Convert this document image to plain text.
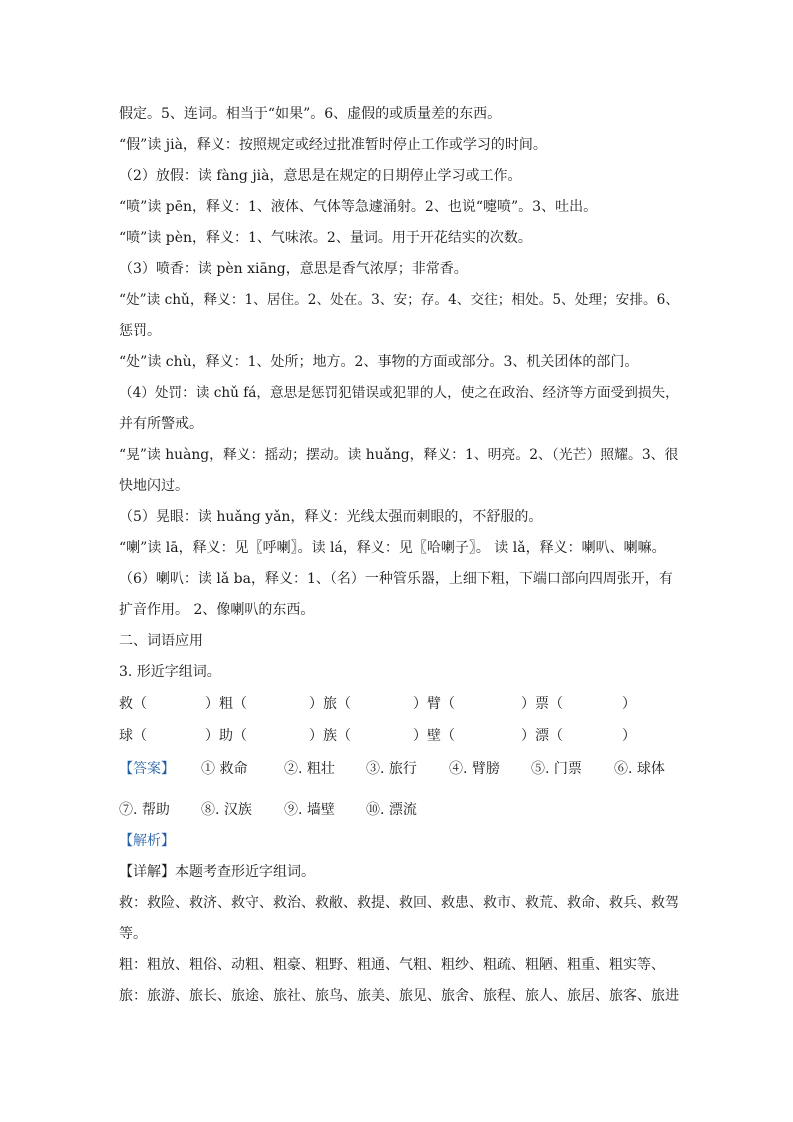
假定。5、连词。相当于“如果”。6、虚假的或质量差的东西。
“假”读 jià，释义：按照规定或经过批准暂时停止工作或学习的时间。
（2）放假：读 fàng jià，意思是在规定的日期停止学习或工作。
“喷”读 pēn，释义：1、液体、气体等急遽涌射。2、也说“嚏喷”。3、吐出。
“喷”读 pèn，释义：1、气味浓。2、量词。用于开花结实的次数。
（3）喷香：读 pèn xiāng，意思是香气浓厚；非常香。
“处”读 chǔ，释义：1、居住。2、处在。3、安；存。4、交往；相处。5、处理；安排。6、
惩罚。
“处”读 chù，释义：1、处所；地方。2、事物的方面或部分。3、机关团体的部门。
（4）处罚：读 chǔ fá，意思是惩罚犯错误或犯罪的人，使之在政治、经济等方面受到损失，
并有所警戒。
“晃”读 huàng，释义：摇动；摆动。读 huǎng，释义：1、明亮。2、（光芒）照耀。3、很
快地闪过。
（5）晃眼：读 huǎng yǎn，释义：光线太强而刺眼的，不舒服的。
“喇”读 lā，释义：见〖呼喇〗。读 lá，释义：见〖哈喇子〗。 读 lǎ，释义：喇叭、喇嘛。
（6）喇叭：读 lǎ ba，释义：1、（名）一种管乐器，上细下粗，下端口部向四周张开，有
扩音作用。 2、像喇叭的东西。
二、词语应用
3. 形近字组词。
救（	）粗（	）旅（	）臂（	）票（	）
球（	）助（	）族（	）壁（	）漂（	）
【答案】 ① 救命	②. 粗壮 ③. 旅行 ④. 臂膀 ⑤. 门票 ⑥. 球体
⑦. 帮助 ⑧. 汉族 ⑨. 墙壁 ⑩. 漂流
【解析】
【详解】本题考查形近字组词。
救：救险、救济、救守、救治、救敝、救提、救回、救患、救市、救荒、救命、救兵、救驾
等。
粗：粗放、粗俗、动粗、粗豪、粗野、粗通、气粗、粗纱、粗疏、粗陋、粗重、粗实等、
旅：旅游、旅长、旅途、旅社、旅鸟、旅美、旅见、旅舍、旅程、旅人、旅居、旅客、旅进
